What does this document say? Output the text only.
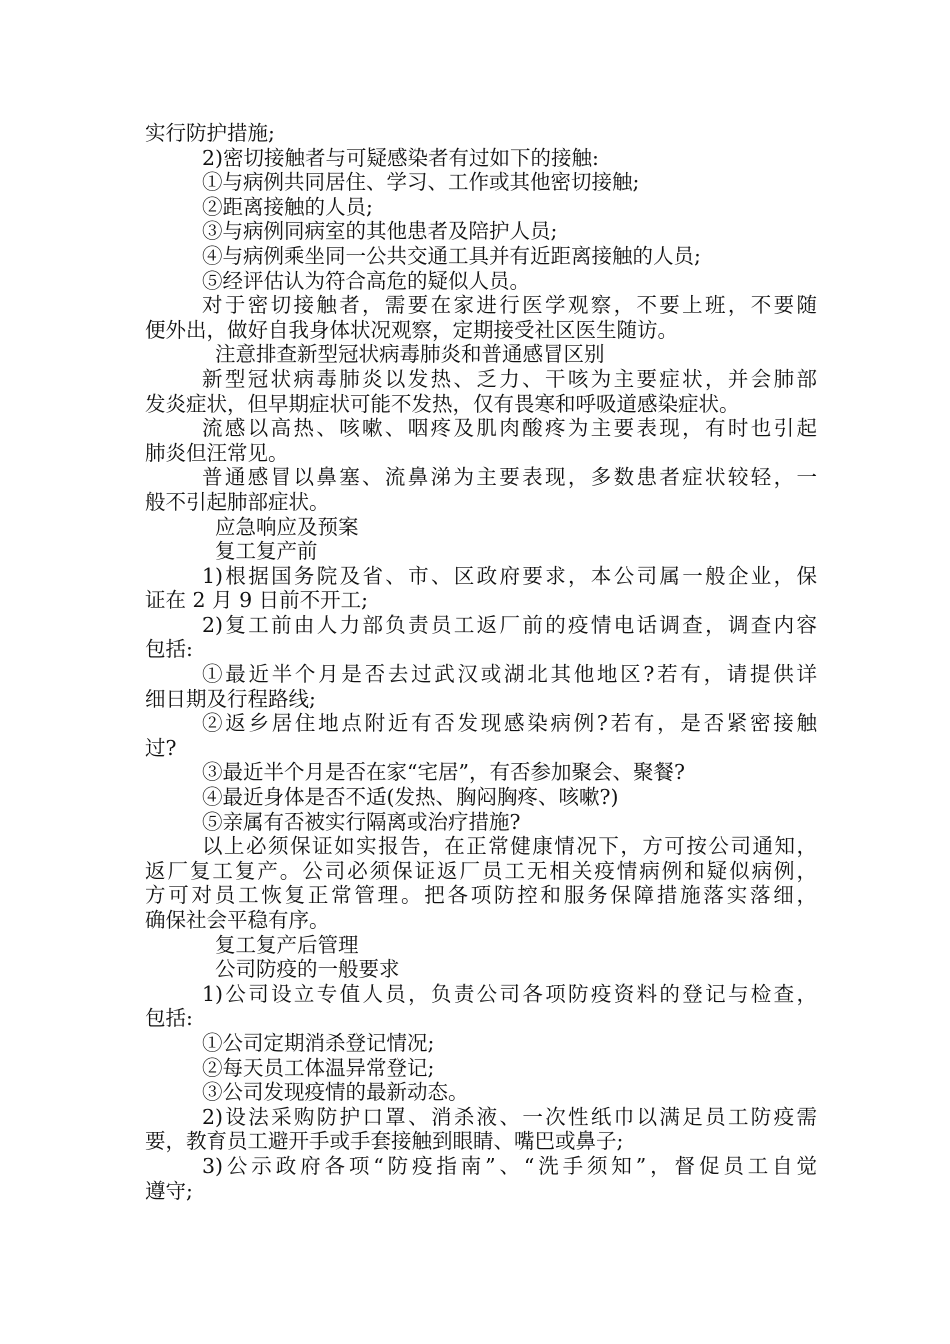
实行防护措施;
2)密切接触者与可疑感染者有过如下的接触:
①与病例共同居住、学习、工作或其他密切接触;
②距离接触的人员;
③与病例同病室的其他患者及陪护人员;
④与病例乘坐同一公共交通工具并有近距离接触的人员;
⑤经评估认为符合高危的疑似人员。
对于密切接触者，需要在家进行医学观察，不要上班，不要随
便外出，做好自我身体状况观察，定期接受社区医生随访。
注意排查新型冠状病毒肺炎和普通感冒区别
新型冠状病毒肺炎以发热、乏力、干咳为主要症状，并会肺部
发炎症状，但早期症状可能不发热，仅有畏寒和呼吸道感染症状。
流感以高热、咳嗽、咽疼及肌肉酸疼为主要表现，有时也引起
肺炎但汪常见。
普通感冒以鼻塞、流鼻涕为主要表现，多数患者症状较轻，一
般不引起肺部症状。
应急响应及预案
复工复产前
1)根据国务院及省、市、区政府要求，本公司属一般企业，保
证在 2 月 9 日前不开工;
2)复工前由人力部负责员工返厂前的疫情电话调查，调查内容
包括:
①最近半个月是否去过武汉或湖北其他地区?若有，请提供详
细日期及行程路线;
②返乡居住地点附近有否发现感染病例?若有，是否紧密接触
过?
③最近半个月是否在家“宅居”，有否参加聚会、聚餐?
④最近身体是否不适(发热、胸闷胸疼、咳嗽?)
⑤亲属有否被实行隔离或治疗措施?
以上必须保证如实报告，在正常健康情况下，方可按公司通知，
返厂复工复产。公司必须保证返厂员工无相关疫情病例和疑似病例，
方可对员工恢复正常管理。把各项防控和服务保障措施落实落细，
确保社会平稳有序。
复工复产后管理
公司防疫的一般要求
1)公司设立专值人员，负责公司各项防疫资料的登记与检查，
包括:
①公司定期消杀登记情况;
②每天员工体温异常登记;
③公司发现疫情的最新动态。
2)设法采购防护口罩、消杀液、一次性纸巾以满足员工防疫需
要，教育员工避开手或手套接触到眼睛、嘴巴或鼻子;
3)公示政府各项“防疫指南”、“洗手须知”，督促员工自觉
遵守;
